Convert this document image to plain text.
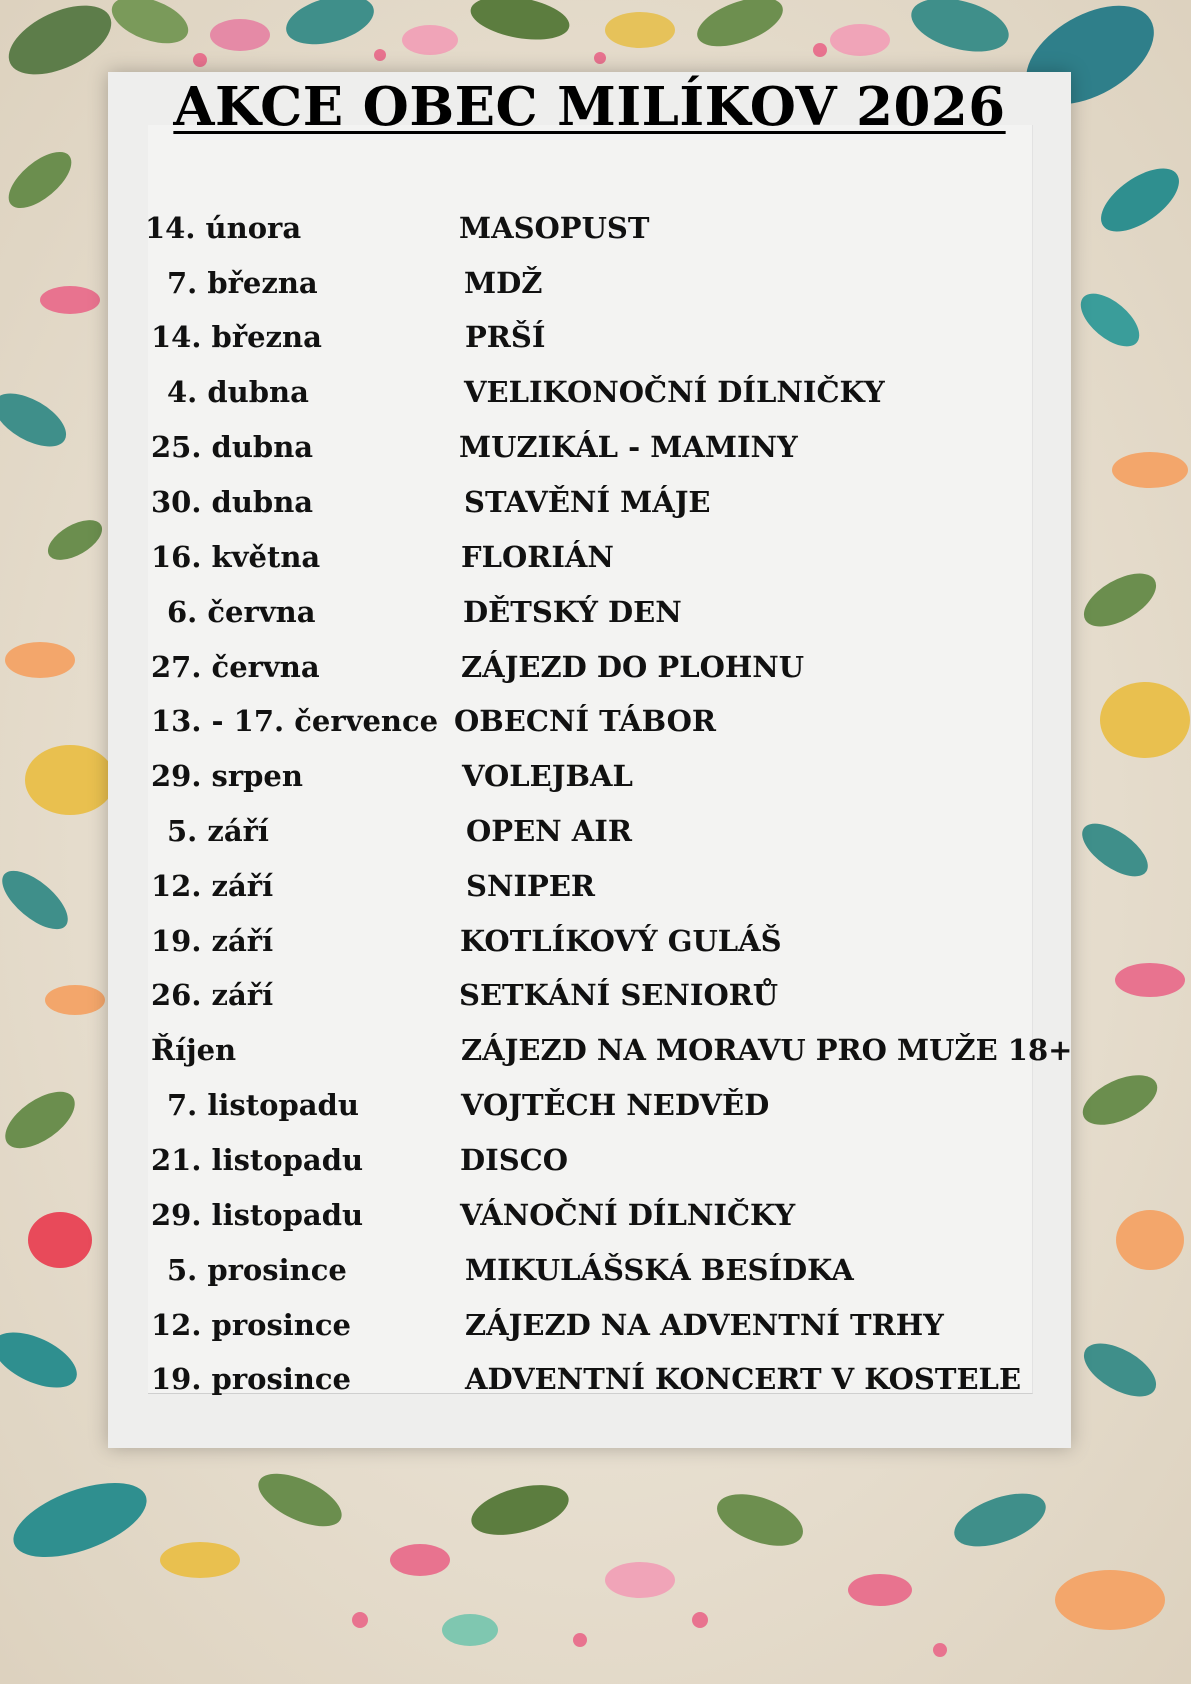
AKCE OBEC MILÍKOV 2026
14. února	MASOPUST
7. března	MDŽ
14. března	PRŠÍ
4. dubna	VELIKONOČNÍ DÍLNIČKY
25. dubna	MUZIKÁL - MAMINY
30. dubna	STAVĚNÍ MÁJE
16. května	FLORIÁN
6. června	DĚTSKÝ DEN
27. června	ZÁJEZD DO PLOHNU
13. - 17. července OBECNÍ TÁBOR
29. srpen	VOLEJBAL
5. září	OPEN AIR
12. září	SNIPER
19. září	KOTLÍKOVÝ GULÁŠ
26. září	SETKÁNÍ SENIORŮ
Říjen	ZÁJEZD NA MORAVU PRO MUŽE 18+
7. listopadu	VOJTĚCH NEDVĚD
21. listopadu	DISCO
29. listopadu	VÁNOČNÍ DÍLNIČKY
5. prosince	MIKULÁŠSKÁ BESÍDKA
12. prosince	ZÁJEZD NA ADVENTNÍ TRHY
19. prosince	ADVENTNÍ KONCERT V KOSTELE
